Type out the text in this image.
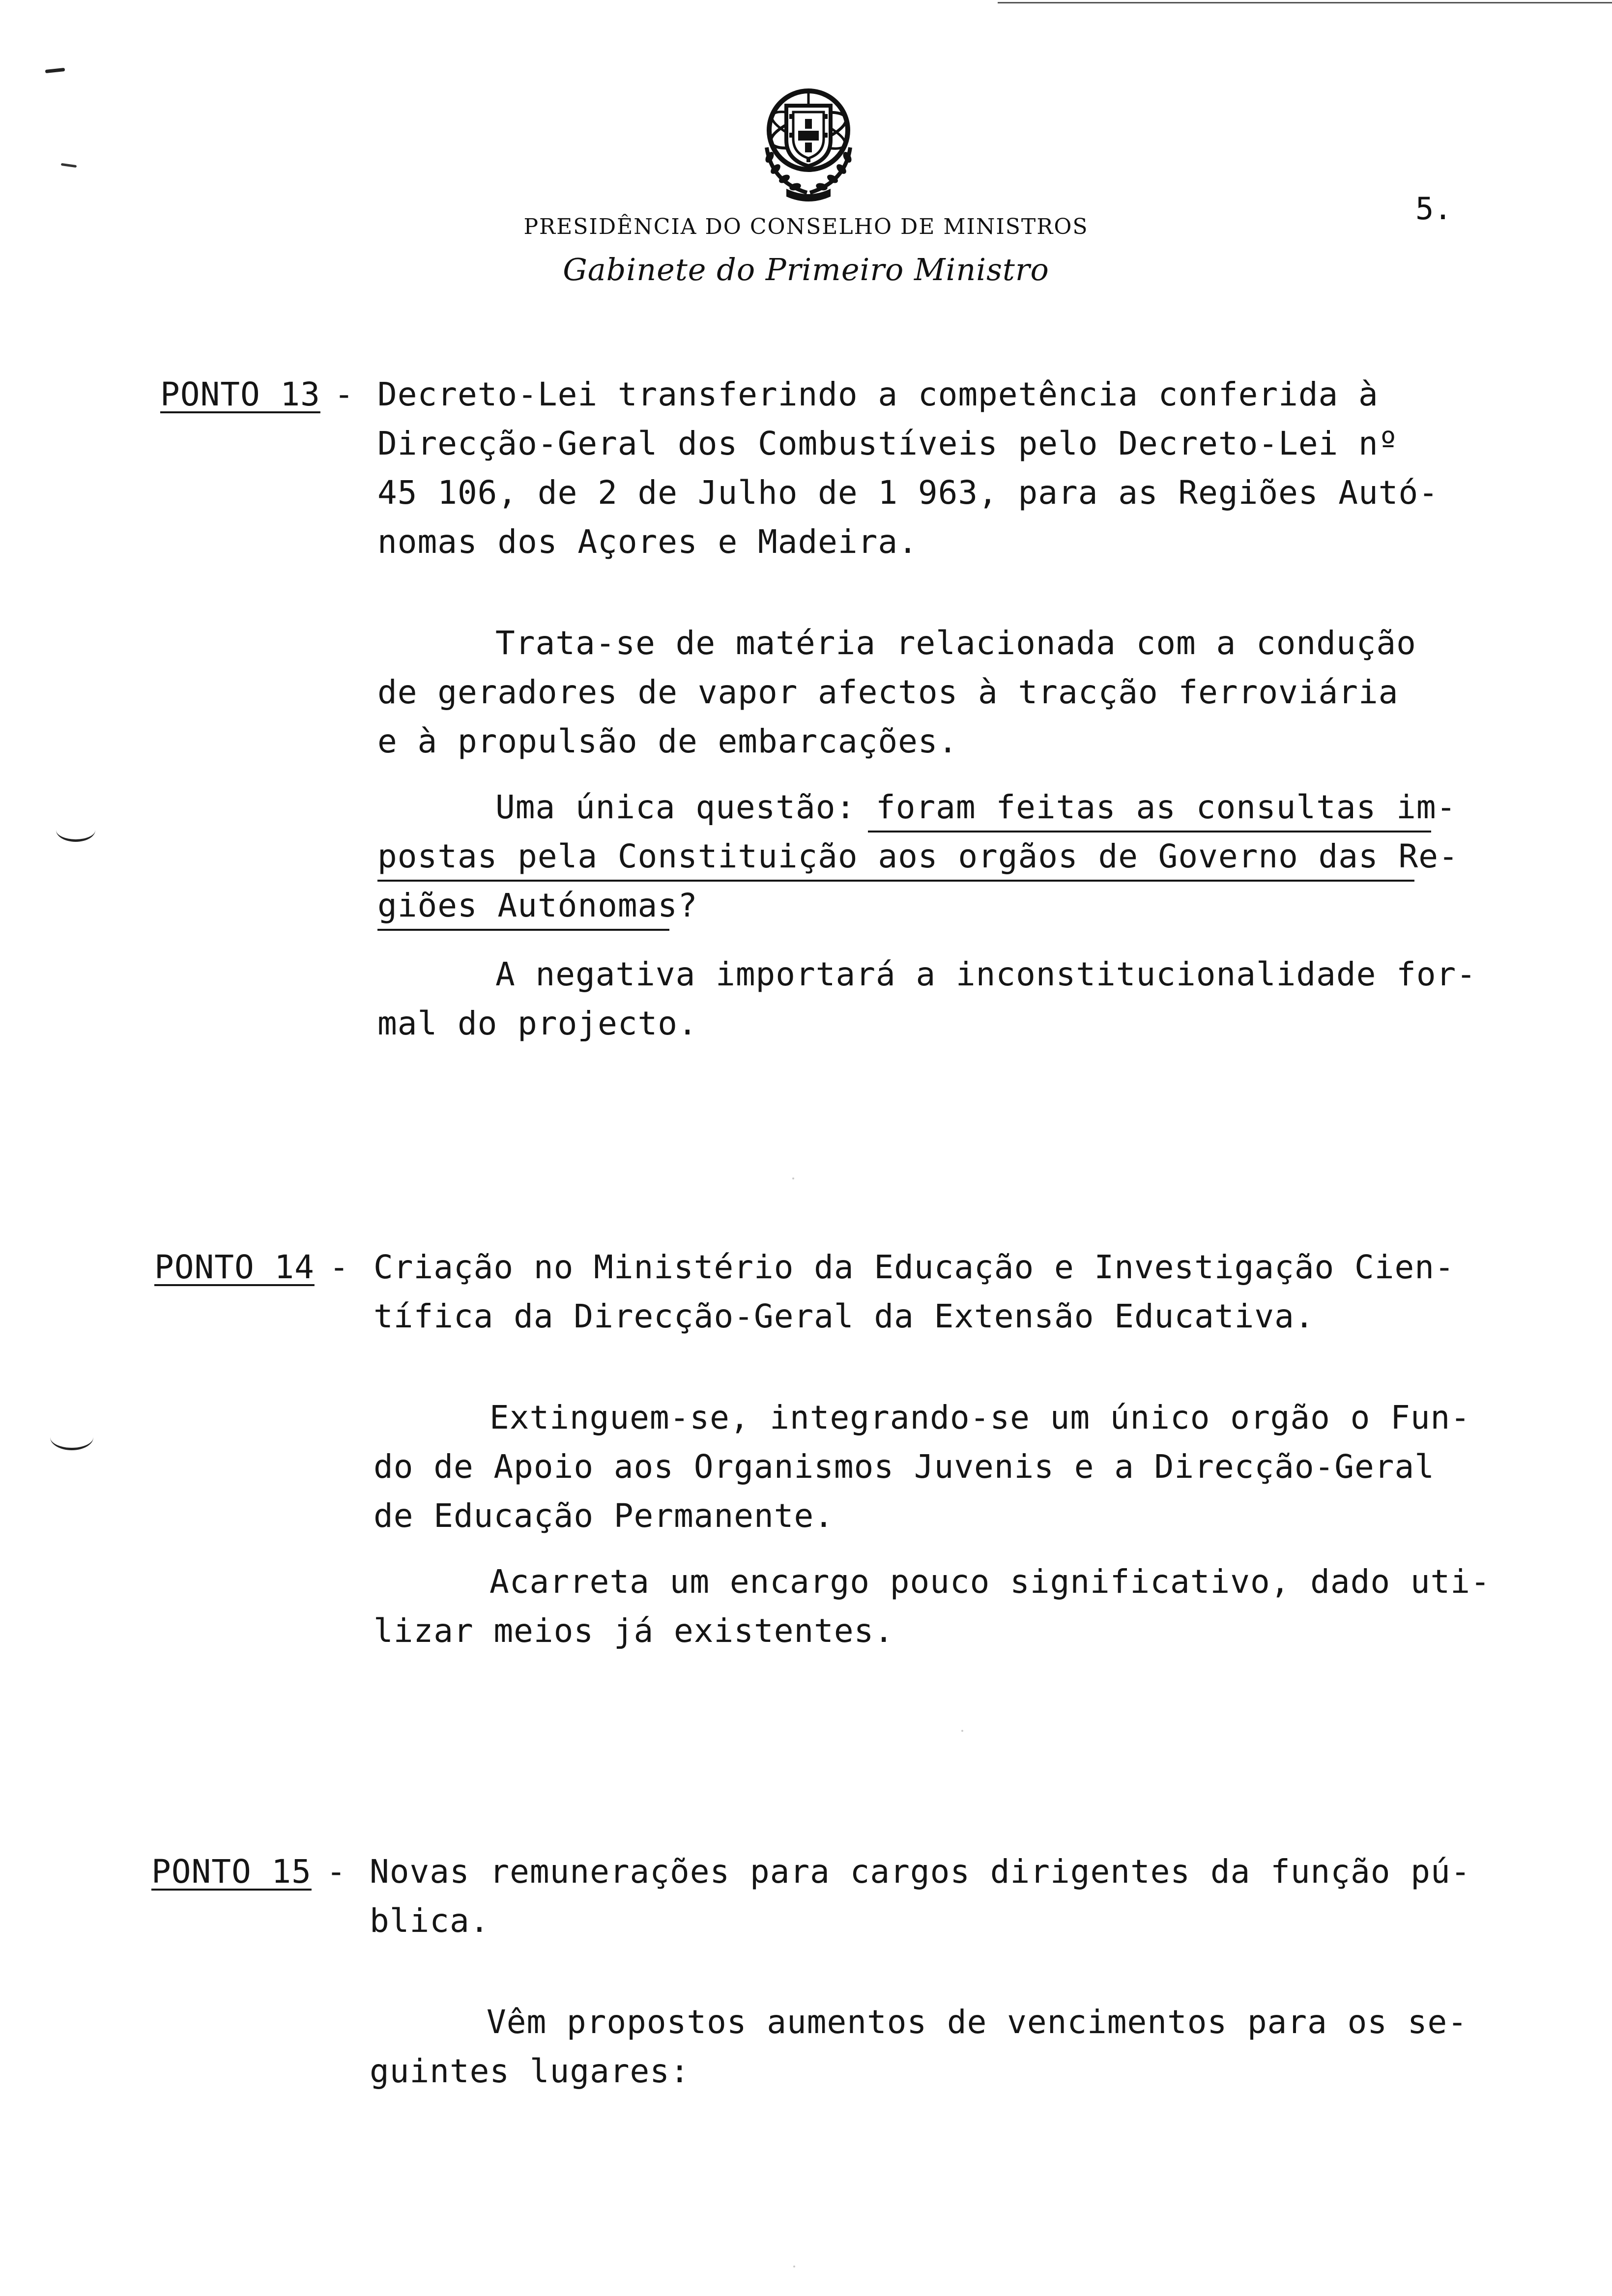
PRESIDÊNCIA DO CONSELHO DE MINISTROS
Gabinete do Primeiro Ministro
5.
PONTO 13 - Decreto-Lei transferindo a competência conferida à
Direcção-Geral dos Combustíveis pelo Decreto-Lei nº
45 106, de 2 de Julho de 1 963, para as Regiões Autó-
nomas dos Açores e Madeira.
Trata-se de matéria relacionada com a condução
de geradores de vapor afectos à tracção ferroviária
e à propulsão de embarcações.
Uma única questão: foram feitas as consultas im-
postas pela Constituição aos orgãos de Governo das Re-
giões Autónomas?
A negativa importará a inconstitucionalidade for-
mal do projecto.
PONTO 14 - Criação no Ministério da Educação e Investigação Cien-
tífica da Direcção-Geral da Extensão Educativa.
Extinguem-se, integrando-se um único orgão o Fun-
do de Apoio aos Organismos Juvenis e a Direcção-Geral
de Educação Permanente.
Acarreta um encargo pouco significativo, dado uti-
lizar meios já existentes.
PONTO 15 - Novas remunerações para cargos dirigentes da função pú-
blica.
Vêm propostos aumentos de vencimentos para os se-
guintes lugares:
